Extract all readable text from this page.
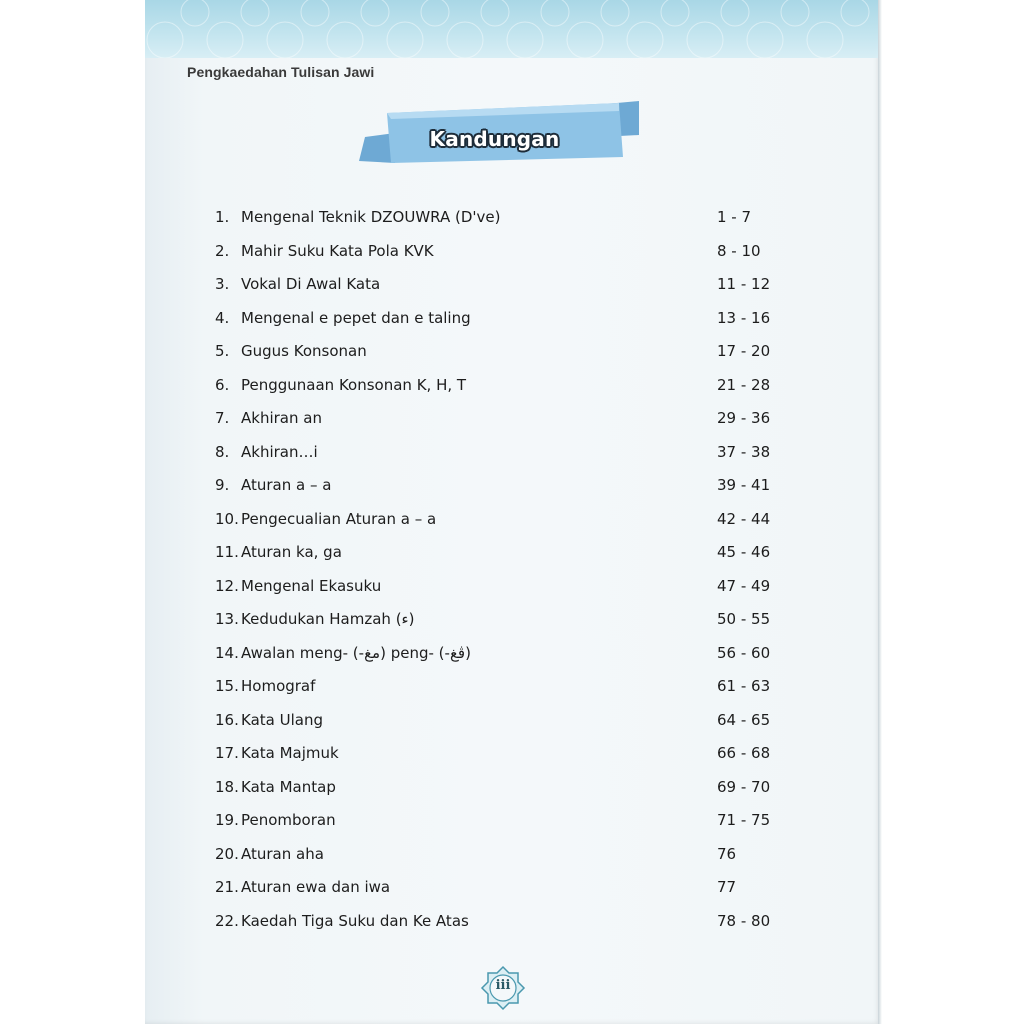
Pengkaedahan Tulisan Jawi
Kandungan
1. Mengenal Teknik DZOUWRA (D've)	1 - 7
2. Mahir Suku Kata Pola KVK	8 - 10
3. Vokal Di Awal Kata	11 - 12
4. Mengenal e pepet dan e taling	13 - 16
5. Gugus Konsonan	17 - 20
6. Penggunaan Konsonan K, H, T	21 - 28
7. Akhiran an	29 - 36
8. Akhiran…i	37 - 38
9. Aturan a – a	39 - 41
10. Pengecualian Aturan a – a	42 - 44
11. Aturan ka, ga	45 - 46
12. Mengenal Ekasuku	47 - 49
13. Kedudukan Hamzah (ء)	50 - 55
14. Awalan meng- (-مغ) peng- (-ڤغ)	56 - 60
15. Homograf	61 - 63
16. Kata Ulang	64 - 65
17. Kata Majmuk	66 - 68
18. Kata Mantap	69 - 70
19. Penomboran	71 - 75
20. Aturan aha	76
21. Aturan ewa dan iwa	77
22. Kaedah Tiga Suku dan Ke Atas	78 - 80
iii
